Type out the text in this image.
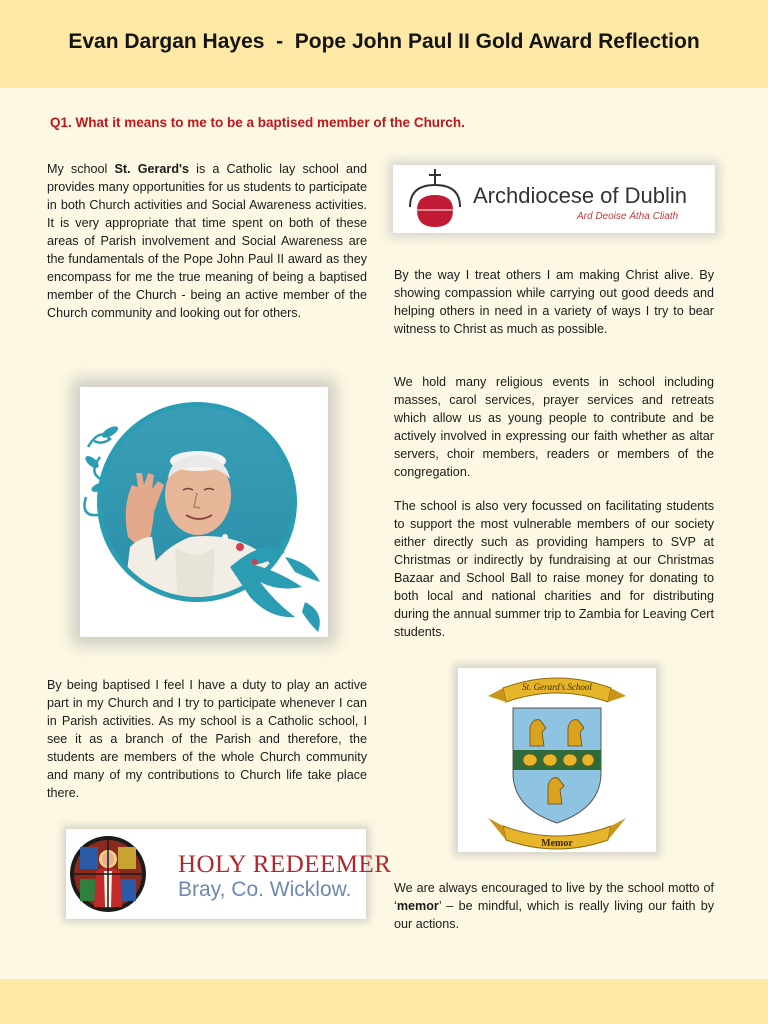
Evan Dargan Hayes  -  Pope John Paul II Gold Award Reflection
Q1. What it means to me to be a baptised member of the Church.

My school St. Gerard's is a Catholic lay school and provides many opportunities for us students to participate in both Church activities and Social Awareness activities. It is very appropriate that time spent on both of these areas of Parish involvement and Social Awareness are the fundamentals of the Pope John Paul II award as they encompass for me the true meaning of being a baptised member of the Church - being an active member of the Church community and looking out for others.

By being baptised I feel I have a duty to play an active part in my Church and I try to participate whenever I can in Parish activities. As my school is a Catholic school, I see it as a branch of the Parish and therefore, the students are members of the whole Church community and many of my contributions to Church life take place there.

HOLY REDEEMER
Bray, Co. Wicklow.
Archdiocese of Dublin
Ard Deoise Átha Cliath

By the way I treat others I am making Christ alive. By showing compassion while carrying out good deeds and helping others in need in a variety of ways I try to bear witness to Christ as much as possible.

We hold many religious events in school including masses, carol services, prayer services and retreats which allow us as young people to contribute and be actively involved in expressing our faith whether as altar servers, choir members, readers or members of the congregation.

The school is also very focussed on facilitating students to support the most vulnerable members of our society either directly such as providing hampers to SVP at Christmas or indirectly by fundraising at our Christmas Bazaar and School Ball to raise money for donating to both local and national charities and for distributing during the annual summer trip to Zambia for Leaving Cert students.

St. Gerard's School
Memor

We are always encouraged to live by the school motto of ‘memor’ – be mindful, which is really living our faith by our actions.
